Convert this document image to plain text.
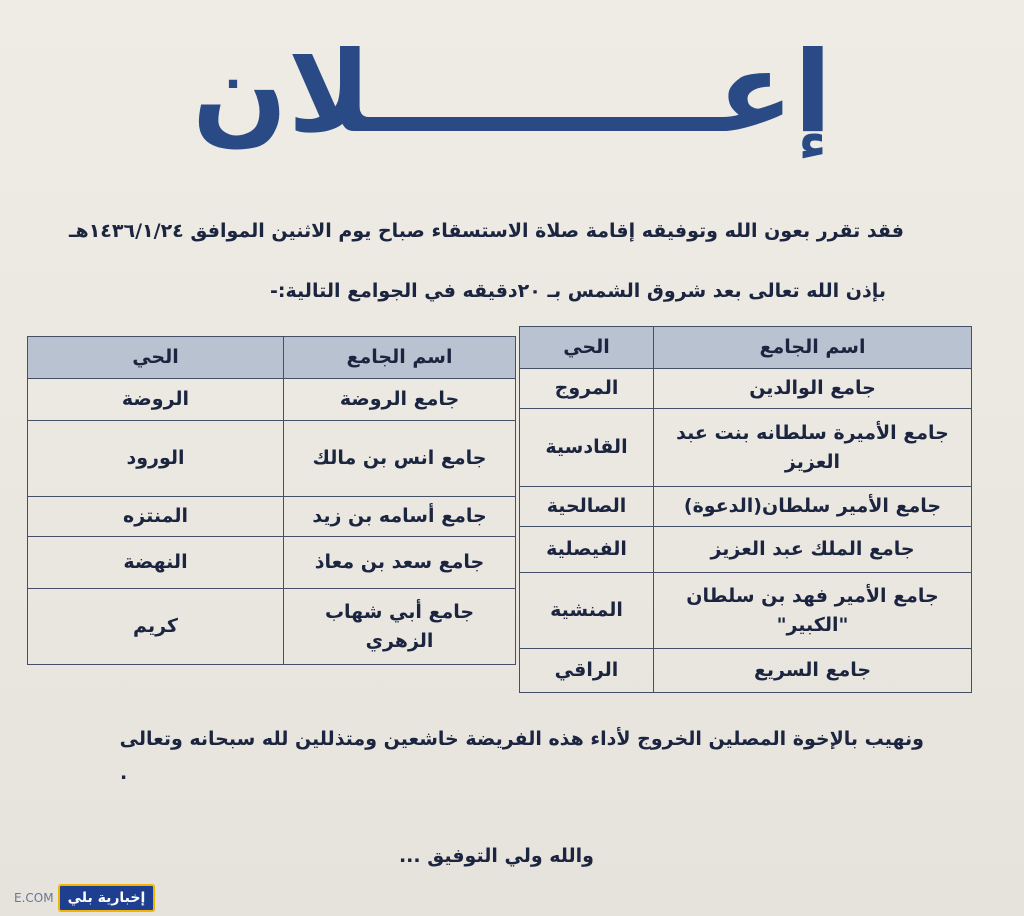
إعـــــــــلان
فقد تقرر بعون الله وتوفيقه إقامة صلاة الاستسقاء صباح يوم الاثنين الموافق ١٤٣٦/١/٢٤هـ
بإذن الله تعالى بعد شروق الشمس بـ ٢٠دقيقه في الجوامع التالية:-
اسم الجامع	الحي
جامع الوالدين	المروج
جامع الأميرة سلطانه بنت عبد العزيز	القادسية
جامع الأمير سلطان(الدعوة)	الصالحية
جامع الملك عبد العزيز	الفيصلية
جامع الأمير فهد بن سلطان "الكبير"	المنشية
جامع السريع	الراقي
اسم الجامع	الحي
جامع الروضة	الروضة
جامع انس بن مالك	الورود
جامع أسامه بن زيد	المنتزه
جامع سعد بن معاذ	النهضة
جامع أبي شهاب الزهري	كريم
ونهيب بالإخوة المصلين الخروج لأداء هذه الفريضة خاشعين ومتذللين لله سبحانه وتعالى
.
والله ولي التوفيق ...
إخبارية بلي
E.COM
